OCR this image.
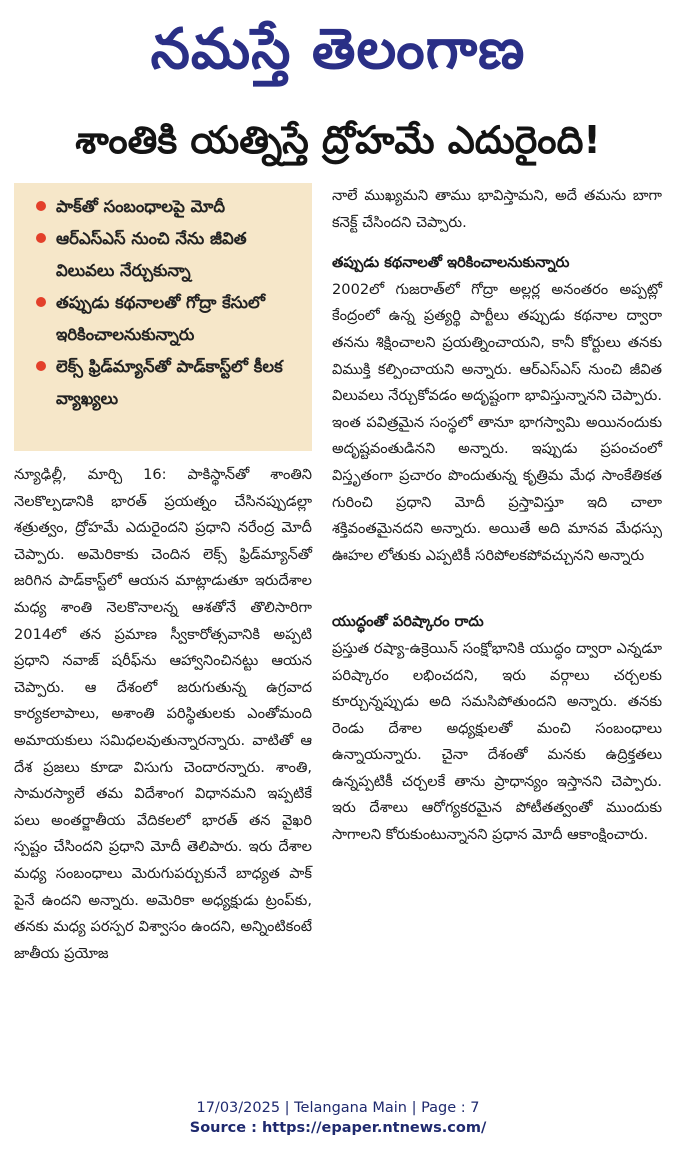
నమస్తే తెలంగాణ
శాంతికి యత్నిస్తే ద్రోహమే ఎదురైంది!
పాక్‌తో సంబంధాలపై మోదీ
ఆర్‌ఎస్‌ఎస్ నుంచి నేను జీవిత విలువలు నేర్చుకున్నా
తప్పుడు కథనాలతో గోద్రా కేసులో ఇరికించాలనుకున్నారు
లెక్స్ ఫ్రిడ్‌మ్యాన్‌తో పాడ్‌కాస్ట్‌లో కీలక వ్యాఖ్యలు

న్యూఢిల్లీ, మార్చి 16: పాకిస్థాన్‌తో శాంతిని నెలకొల్పడానికి భారత్ ప్రయత్నం చేసినప్పుడల్లా శత్రుత్వం, ద్రోహమే ఎదురైందని ప్రధాని నరేంద్ర మోదీ చెప్పారు. అమెరికాకు చెందిన లెక్స్ ఫ్రిడ్‌మ్యాన్‌తో జరిగిన పాడ్‌కాస్ట్‌లో ఆయన మాట్లాడుతూ ఇరుదేశాల మధ్య శాంతి నెలకొనాలన్న ఆశతోనే తొలిసారిగా 2014లో తన ప్రమాణ స్వీకారోత్సవానికి అప్పటి ప్రధాని నవాజ్ షరీఫ్‌ను ఆహ్వానించినట్టు ఆయన చెప్పారు. ఆ దేశంలో జరుగుతున్న ఉగ్రవాద కార్యకలాపాలు, అశాంతి పరిస్థితులకు ఎంతోమంది అమాయకులు సమిధలవుతున్నారన్నారు. వాటితో ఆ దేశ ప్రజలు కూడా విసుగు చెందారన్నారు. శాంతి, సామరస్యాలే తమ విదేశాంగ విధానమని ఇప్పటికే పలు అంతర్జాతీయ వేదికలలో భారత్ తన వైఖరి స్పష్టం చేసిందని ప్రధాని మోదీ తెలిపారు. ఇరు దేశాల మధ్య సంబంధాలు మెరుగుపర్చుకునే బాధ్యత పాక్ పైనే ఉందని అన్నారు. అమెరికా అధ్యక్షుడు ట్రంప్‌కు, తనకు మధ్య పరస్పర విశ్వాసం ఉందని, అన్నింటికంటే జాతీయ ప్రయోజ

నాలే ముఖ్యమని తాము భావిస్తామని, అదే తమను బాగా కనెక్ట్ చేసిందని చెప్పారు.

తప్పుడు కథనాలతో ఇరికించాలనుకున్నారు

2002లో గుజరాత్‌లో గోద్రా అల్లర్ల అనంతరం అప్పట్లో కేంద్రంలో ఉన్న ప్రత్యర్థి పార్టీలు తప్పుడు కథనాల ద్వారా తనను శిక్షించాలని ప్రయత్నించాయని, కానీ కోర్టులు తనకు విముక్తి కల్పించాయని అన్నారు. ఆర్‌ఎస్‌ఎస్ నుంచి జీవిత విలువలు నేర్చుకోవడం అదృష్టంగా భావిస్తున్నానని చెప్పారు. ఇంత పవిత్రమైన సంస్థలో తానూ భాగస్వామి అయినందుకు అదృష్టవంతుడినని అన్నారు. ఇప్పుడు ప్రపంచంలో విస్తృతంగా ప్రచారం పొందుతున్న కృత్రిమ మేధ సాంకేతికత గురించి ప్రధాని మోదీ ప్రస్తావిస్తూ ఇది చాలా శక్తివంతమైనదని అన్నారు. అయితే అది మానవ మేధస్సు ఊహల లోతుకు ఎప్పటికీ సరిపోలకపోవచ్చునని అన్నారు

యుద్ధంతో పరిష్కారం రాదు

ప్రస్తుత రష్యా-ఉక్రెయిన్ సంక్షోభానికి యుద్ధం ద్వారా ఎన్నడూ పరిష్కారం లభించదని, ఇరు వర్గాలు చర్చలకు కూర్చున్నప్పుడు అది సమసిపోతుందని అన్నారు. తనకు రెండు దేశాల అధ్యక్షులతో మంచి సంబంధాలు ఉన్నాయన్నారు. చైనా దేశంతో మనకు ఉద్రిక్తతలు ఉన్నప్పటికీ చర్చలకే తాను ప్రాధాన్యం ఇస్తానని చెప్పారు. ఇరు దేశాలు ఆరోగ్యకరమైన పోటీతత్వంతో ముందుకు సాగాలని కోరుకుంటున్నానని ప్రధాన మోదీ ఆకాంక్షించారు.

17/03/2025 | Telangana Main | Page : 7
Source : https://epaper.ntnews.com/
